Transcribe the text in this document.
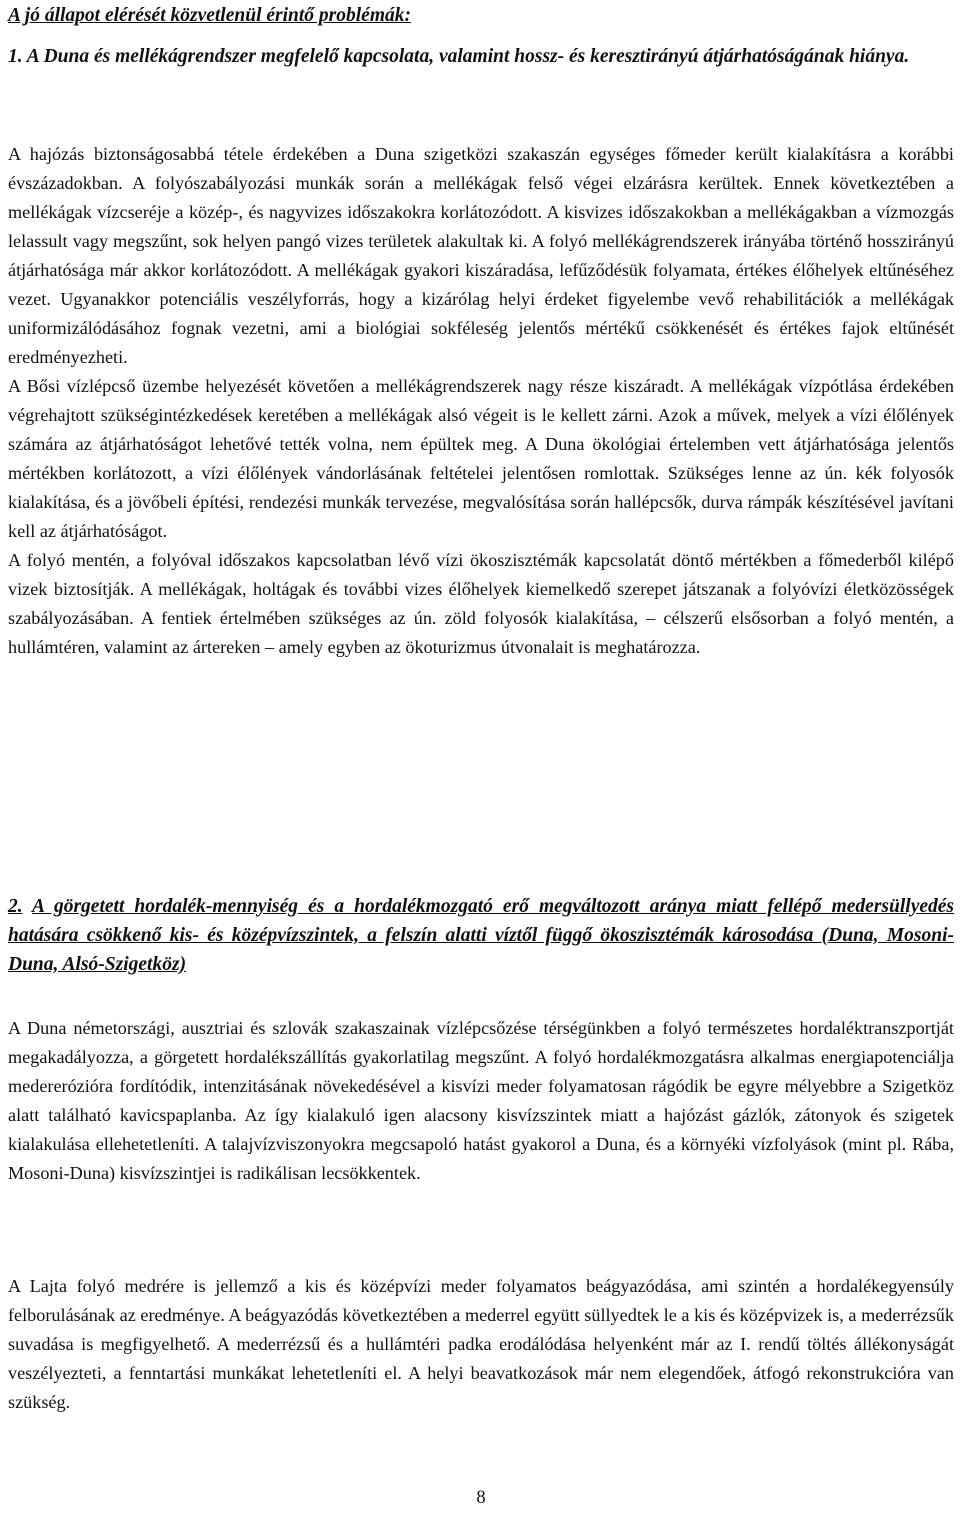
A jó állapot elérését közvetlenül érintő problémák:

1. A Duna és mellékágrendszer megfelelő kapcsolata, valamint hossz- és keresztirányú átjárhatóságának hiánya.

A hajózás biztonságosabbá tétele érdekében a Duna szigetközi szakaszán egységes főmeder került kialakításra a korábbi évszázadokban. A folyószabályozási munkák során a mellékágak felső végei elzárásra kerültek. Ennek következtében a mellékágak vízcseréje a közép-, és nagyvizes időszakokra korlátozódott. A kisvizes időszakokban a mellékágakban a vízmozgás lelassult vagy megszűnt, sok helyen pangó vizes területek alakultak ki. A folyó mellékágrendszerek irányába történő hosszirányú átjárhatósága már akkor korlátozódott. A mellékágak gyakori kiszáradása, lefűződésük folyamata, értékes élőhelyek eltűnéséhez vezet. Ugyanakkor potenciális veszélyforrás, hogy a kizárólag helyi érdeket figyelembe vevő rehabilitációk a mellékágak uniformizálódásához fognak vezetni, ami a biológiai sokféleség jelentős mértékű csökkenését és értékes fajok eltűnését eredményezheti.

A Bősi vízlépcső üzembe helyezését követően a mellékágrendszerek nagy része kiszáradt. A mellékágak vízpótlása érdekében végrehajtott szükségintézkedések keretében a mellékágak alsó végeit is le kellett zárni. Azok a művek, melyek a vízi élőlények számára az átjárhatóságot lehetővé tették volna, nem épültek meg. A Duna ökológiai értelemben vett átjárhatósága jelentős mértékben korlátozott, a vízi élőlények vándorlásának feltételei jelentősen romlottak. Szükséges lenne az ún. kék folyosók kialakítása, és a jövőbeli építési, rendezési munkák tervezése, megvalósítása során hallépcsők, durva rámpák készítésével javítani kell az átjárhatóságot.

A folyó mentén, a folyóval időszakos kapcsolatban lévő vízi ökoszisztémák kapcsolatát döntő mértékben a főmederből kilépő vizek biztosítják. A mellékágak, holtágak és további vizes élőhelyek kiemelkedő szerepet játszanak a folyóvízi életközösségek szabályozásában. A fentiek értelmében szükséges az ún. zöld folyosók kialakítása, – célszerű elsősorban a folyó mentén, a hullámtéren, valamint az ártereken – amely egyben az ökoturizmus útvonalait is meghatározza.

2. A görgetett hordalék-mennyiség és a hordalékmozgató erő megváltozott aránya miatt fellépő medersüllyedés hatására csökkenő kis- és középvízszintek, a felszín alatti víztől függő ökoszisztémák károsodása (Duna, Mosoni-Duna, Alsó-Szigetköz)

A Duna németországi, ausztriai és szlovák szakaszainak vízlépcsőzése térségünkben a folyó természetes hordaléktranszportját megakadályozza, a görgetett hordalékszállítás gyakorlatilag megszűnt. A folyó hordalékmozgatásra alkalmas energiapotenciálja medererózióra fordítódik, intenzitásának növekedésével a kisvízi meder folyamatosan rágódik be egyre mélyebbre a Szigetköz alatt található kavicspaplanba. Az így kialakuló igen alacsony kisvízszintek miatt a hajózást gázlók, zátonyok és szigetek kialakulása ellehetetleníti. A talajvízviszonyokra megcsapoló hatást gyakorol a Duna, és a környéki vízfolyások (mint pl. Rába, Mosoni-Duna) kisvízszintjei is radikálisan lecsökkentek.

A Lajta folyó medrére is jellemző a kis és középvízi meder folyamatos beágyazódása, ami szintén a hordalékegyensúly felborulásának az eredménye. A beágyazódás következtében a mederrel együtt süllyedtek le a kis és középvizek is, a mederrézsűk suvadása is megfigyelhető. A mederrézsű és a hullámtéri padka erodálódása helyenként már az I. rendű töltés állékonyságát veszélyezteti, a fenntartási munkákat lehetetleníti el. A helyi beavatkozások már nem elegendőek, átfogó rekonstrukcióra van szükség.

8
